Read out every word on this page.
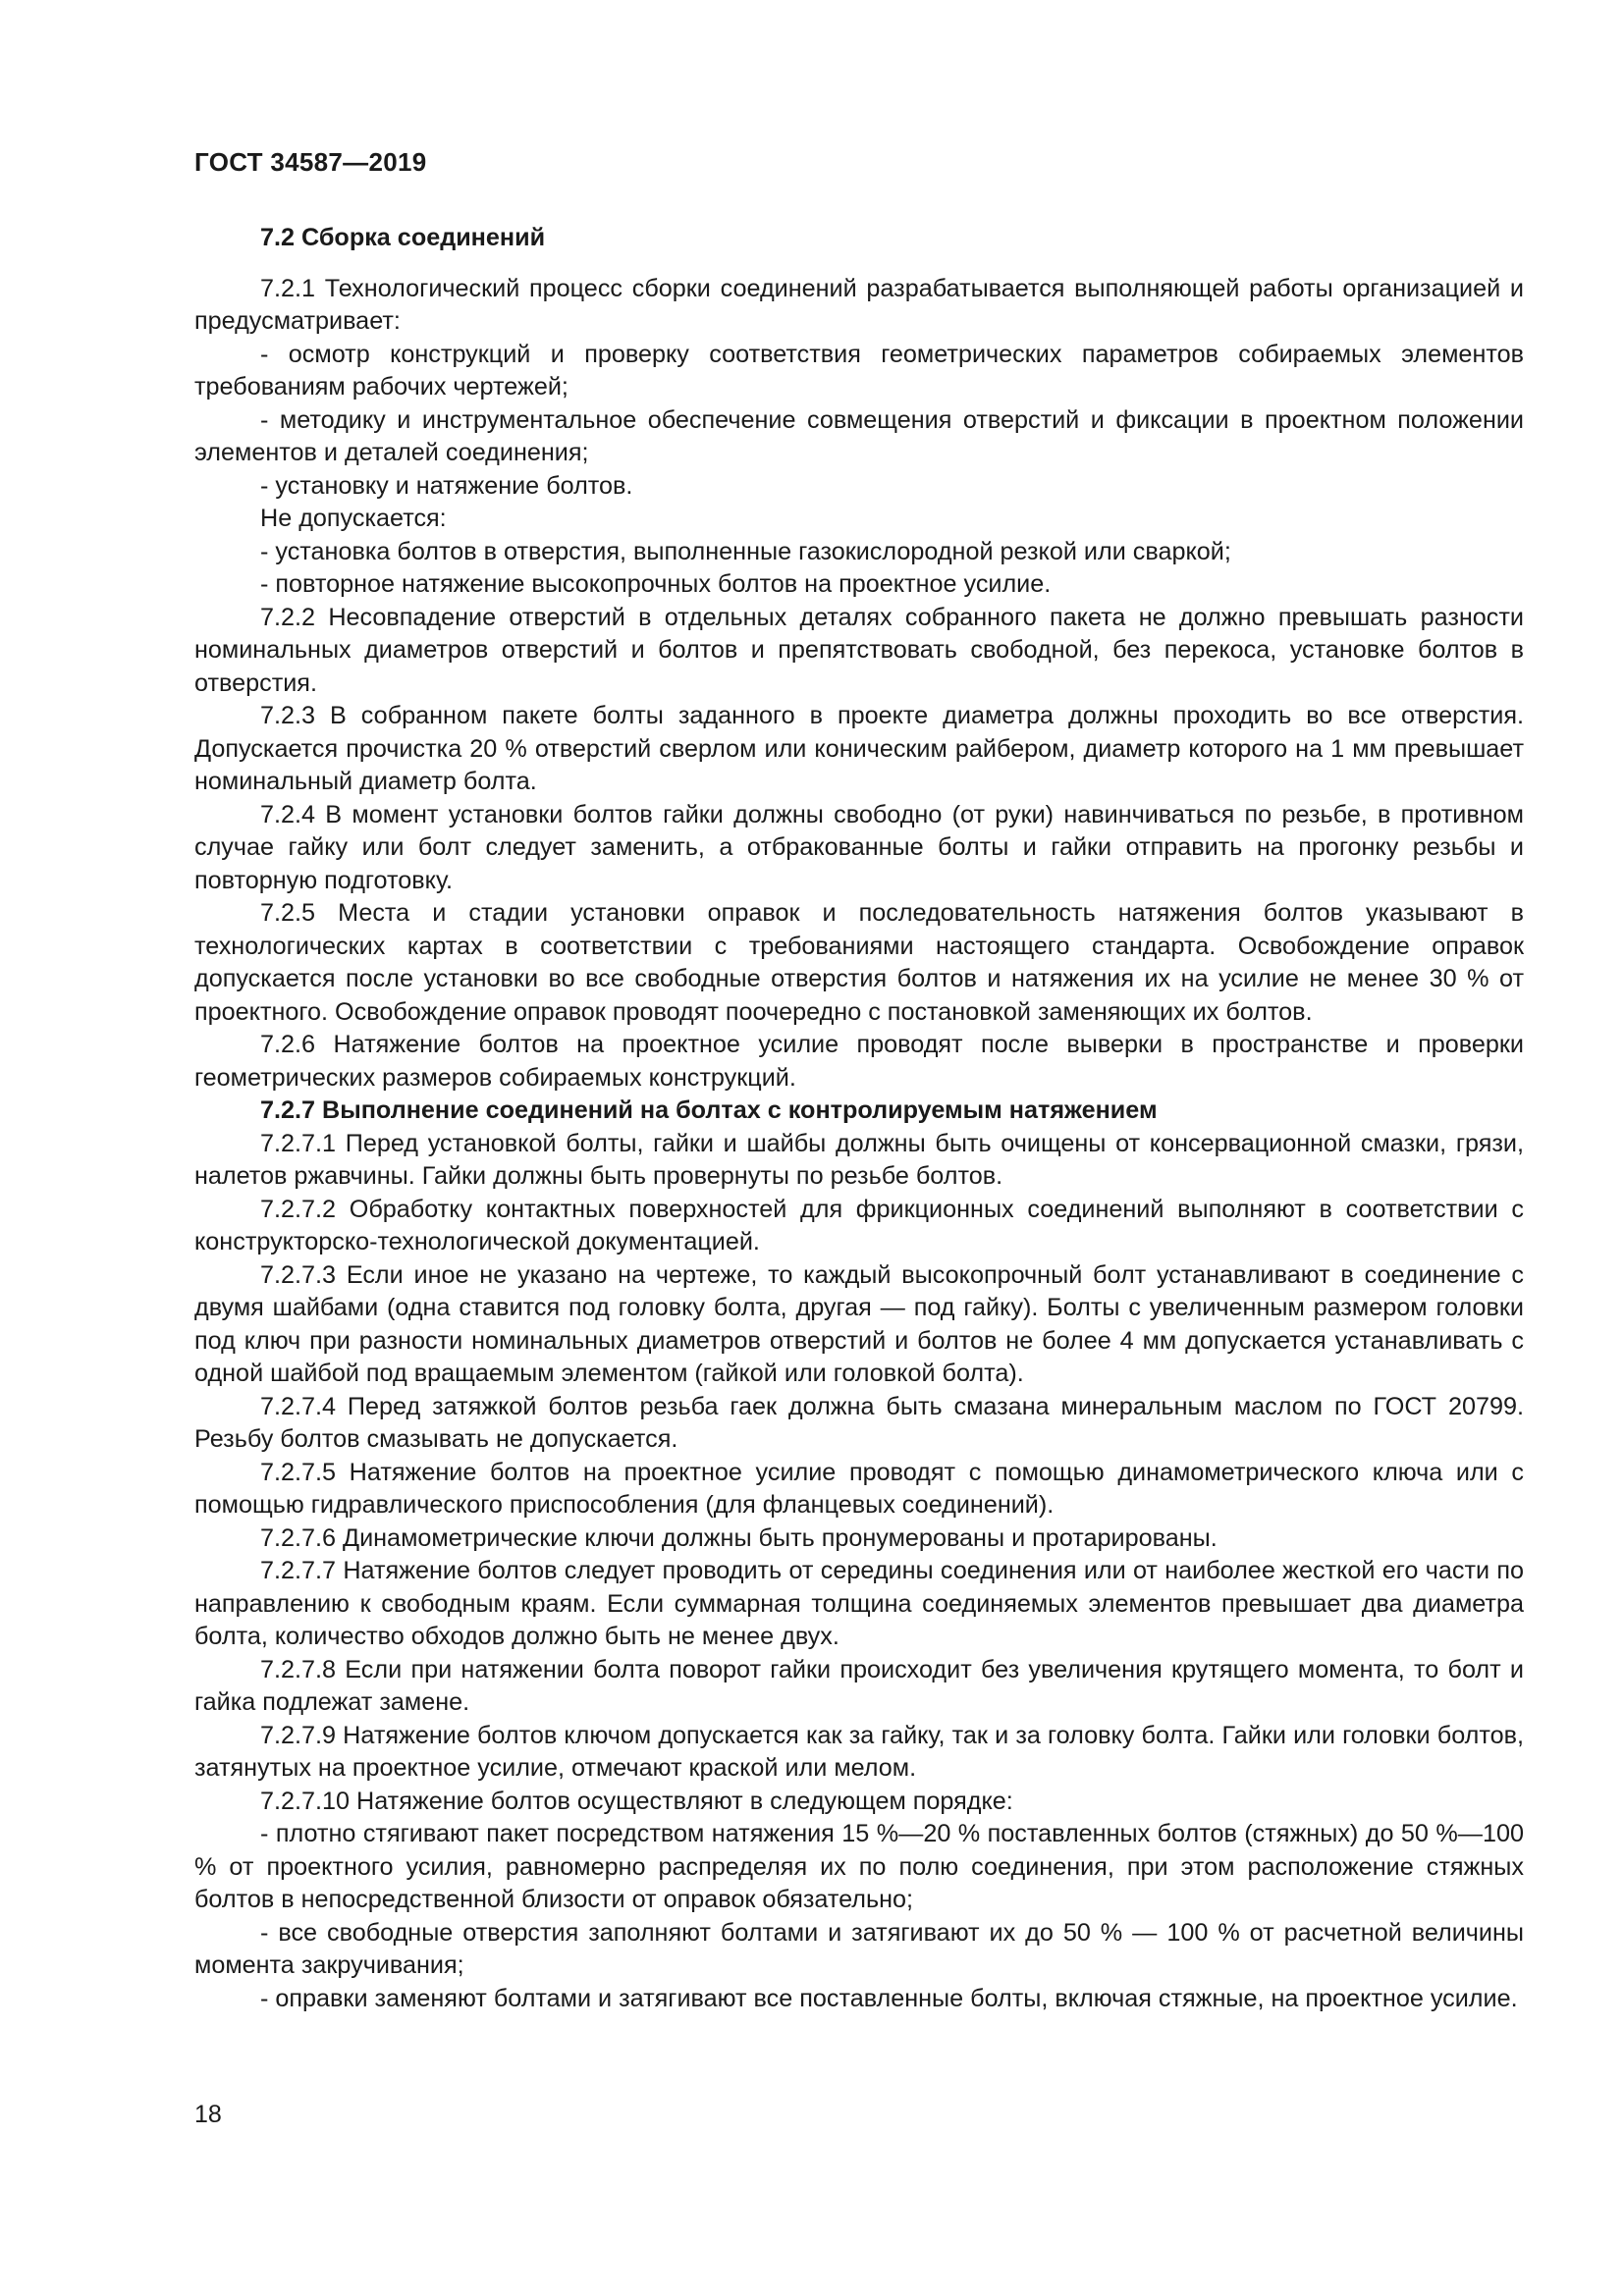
ГОСТ 34587—2019

7.2 Сборка соединений

7.2.1 Технологический процесс сборки соединений разрабатывается выполняющей работы организацией и предусматривает:

- осмотр конструкций и проверку соответствия геометрических параметров собираемых элементов требованиям рабочих чертежей;

- методику и инструментальное обеспечение совмещения отверстий и фиксации в проектном положении элементов и деталей соединения;

- установку и натяжение болтов.

Не допускается:

- установка болтов в отверстия, выполненные газокислородной резкой или сваркой;

- повторное натяжение высокопрочных болтов на проектное усилие.

7.2.2 Несовпадение отверстий в отдельных деталях собранного пакета не должно превышать разности номинальных диаметров отверстий и болтов и препятствовать свободной, без перекоса, установке болтов в отверстия.

7.2.3 В собранном пакете болты заданного в проекте диаметра должны проходить во все отверстия. Допускается прочистка 20 % отверстий сверлом или коническим райбером, диаметр которого на 1 мм превышает номинальный диаметр болта.

7.2.4 В момент установки болтов гайки должны свободно (от руки) навинчиваться по резьбе, в противном случае гайку или болт следует заменить, а отбракованные болты и гайки отправить на прогонку резьбы и повторную подготовку.

7.2.5 Места и стадии установки оправок и последовательность натяжения болтов указывают в технологических картах в соответствии с требованиями настоящего стандарта. Освобождение оправок допускается после установки во все свободные отверстия болтов и натяжения их на усилие не менее 30 % от проектного. Освобождение оправок проводят поочередно с постановкой заменяющих их болтов.

7.2.6 Натяжение болтов на проектное усилие проводят после выверки в пространстве и проверки геометрических размеров собираемых конструкций.

7.2.7 Выполнение соединений на болтах с контролируемым натяжением

7.2.7.1 Перед установкой болты, гайки и шайбы должны быть очищены от консервационной смазки, грязи, налетов ржавчины. Гайки должны быть провернуты по резьбе болтов.

7.2.7.2 Обработку контактных поверхностей для фрикционных соединений выполняют в соответствии с конструкторско-технологической документацией.

7.2.7.3 Если иное не указано на чертеже, то каждый высокопрочный болт устанавливают в соединение с двумя шайбами (одна ставится под головку болта, другая — под гайку). Болты с увеличенным размером головки под ключ при разности номинальных диаметров отверстий и болтов не более 4 мм допускается устанавливать с одной шайбой под вращаемым элементом (гайкой или головкой болта).

7.2.7.4 Перед затяжкой болтов резьба гаек должна быть смазана минеральным маслом по ГОСТ 20799. Резьбу болтов смазывать не допускается.

7.2.7.5 Натяжение болтов на проектное усилие проводят с помощью динамометрического ключа или с помощью гидравлического приспособления (для фланцевых соединений).

7.2.7.6 Динамометрические ключи должны быть пронумерованы и протарированы.

7.2.7.7 Натяжение болтов следует проводить от середины соединения или от наиболее жесткой его части по направлению к свободным краям. Если суммарная толщина соединяемых элементов превышает два диаметра болта, количество обходов должно быть не менее двух.

7.2.7.8 Если при натяжении болта поворот гайки происходит без увеличения крутящего момента, то болт и гайка подлежат замене.

7.2.7.9 Натяжение болтов ключом допускается как за гайку, так и за головку болта. Гайки или головки болтов, затянутых на проектное усилие, отмечают краской или мелом.

7.2.7.10 Натяжение болтов осуществляют в следующем порядке:

- плотно стягивают пакет посредством натяжения 15 %—20 % поставленных болтов (стяжных) до 50 %—100 % от проектного усилия, равномерно распределяя их по полю соединения, при этом расположение стяжных болтов в непосредственной близости от оправок обязательно;

- все свободные отверстия заполняют болтами и затягивают их до 50 % — 100 % от расчетной величины момента закручивания;

- оправки заменяют болтами и затягивают все поставленные болты, включая стяжные, на проектное усилие.

18
